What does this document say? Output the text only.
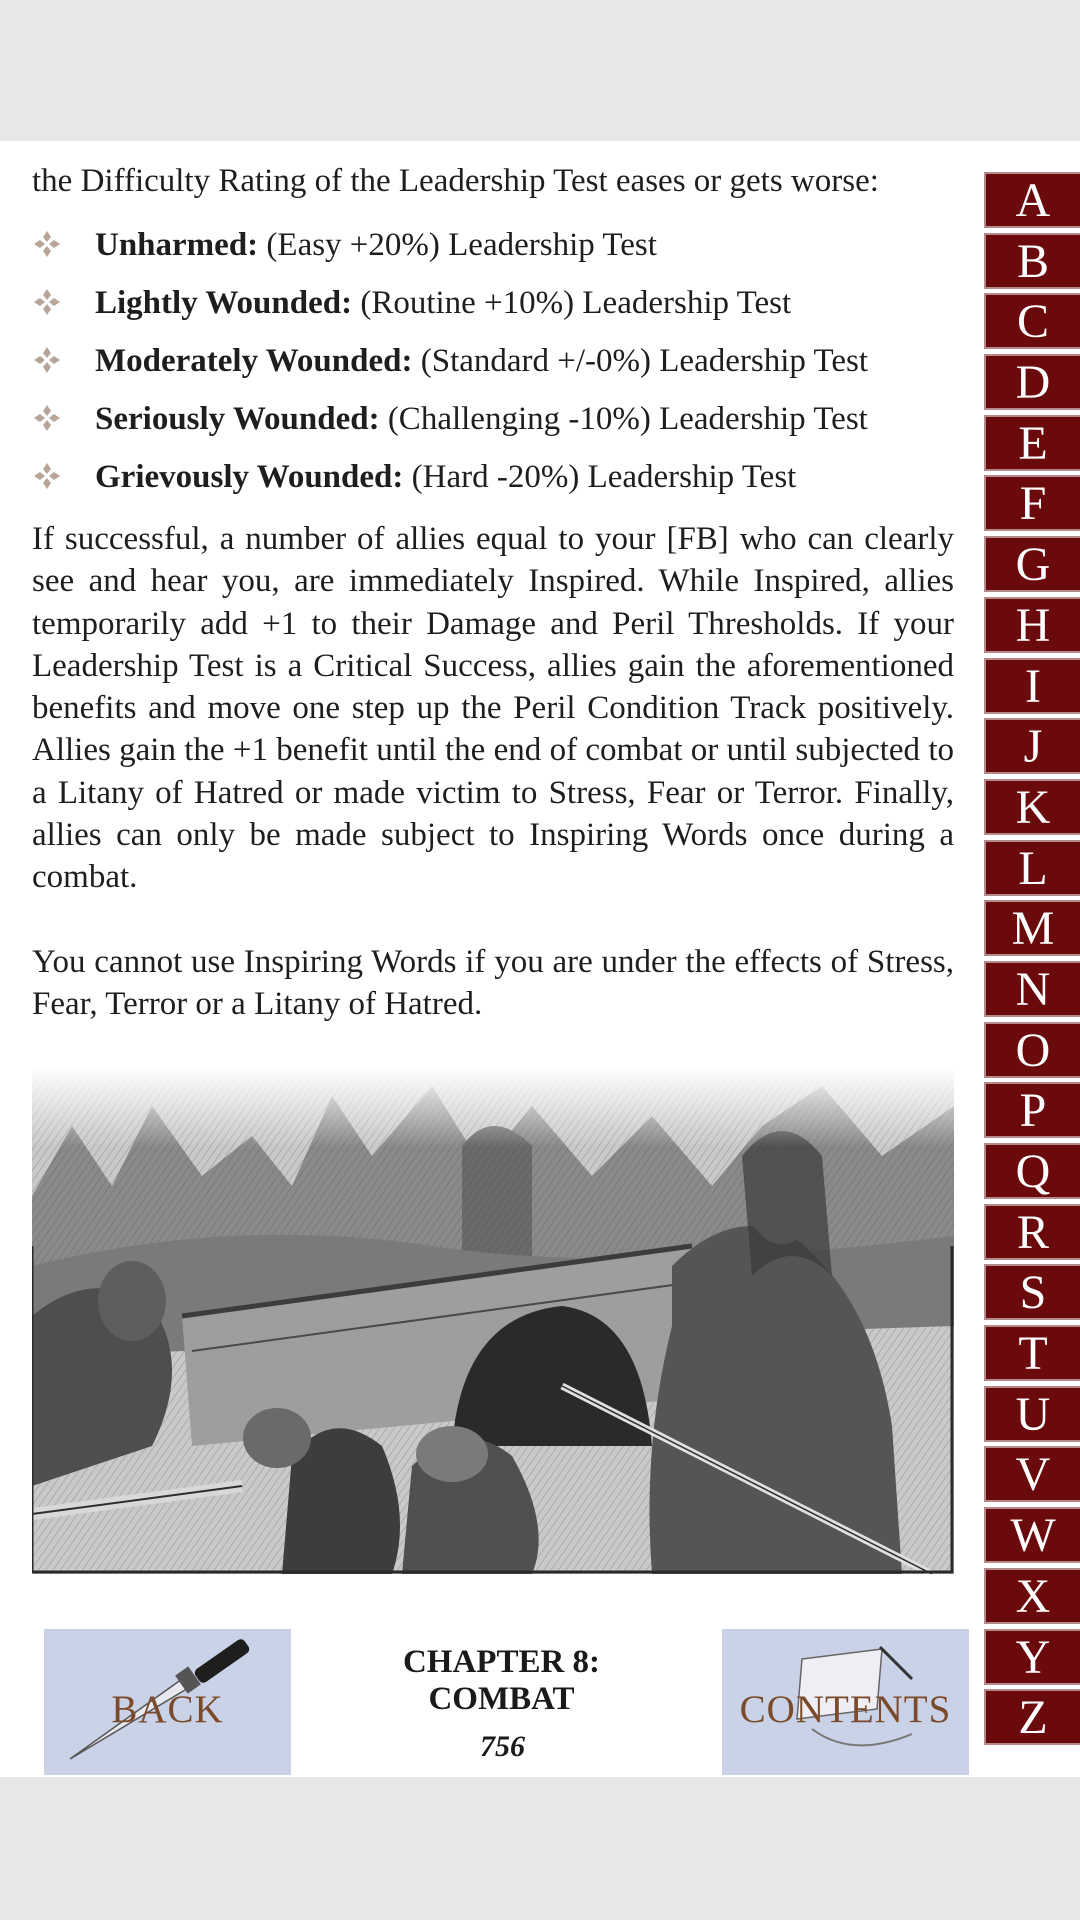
the Difficulty Rating of the Leadership Test eases or gets worse:

Unharmed: (Easy +20%) Leadership Test
Lightly Wounded: (Routine +10%) Leadership Test
Moderately Wounded: (Standard +/-0%) Leadership Test
Seriously Wounded: (Challenging -10%) Leadership Test
Grievously Wounded: (Hard -20%) Leadership Test

If successful, a number of allies equal to your [FB] who can clearly see and hear you, are immediately Inspired. While Inspired, allies temporarily add +1 to their Damage and Peril Thresholds. If your Leadership Test is a Critical Success, allies gain the aforementioned benefits and move one step up the Peril Condition Track positively. Allies gain the +1 benefit until the end of combat or until subjected to a Litany of Hatred or made victim to Stress, Fear or Terror. Finally, allies can only be made subject to Inspiring Words once during a combat.

You cannot use Inspiring Words if you are under the effects of Stress, Fear, Terror or a Litany of Hatred.

BACK
CHAPTER 8:
COMBAT
756
CONTENTS
A
B
C
D
E
F
G
H
I
J
K
L
M
N
O
P
Q
R
S
T
U
V
W
X
Y
Z
